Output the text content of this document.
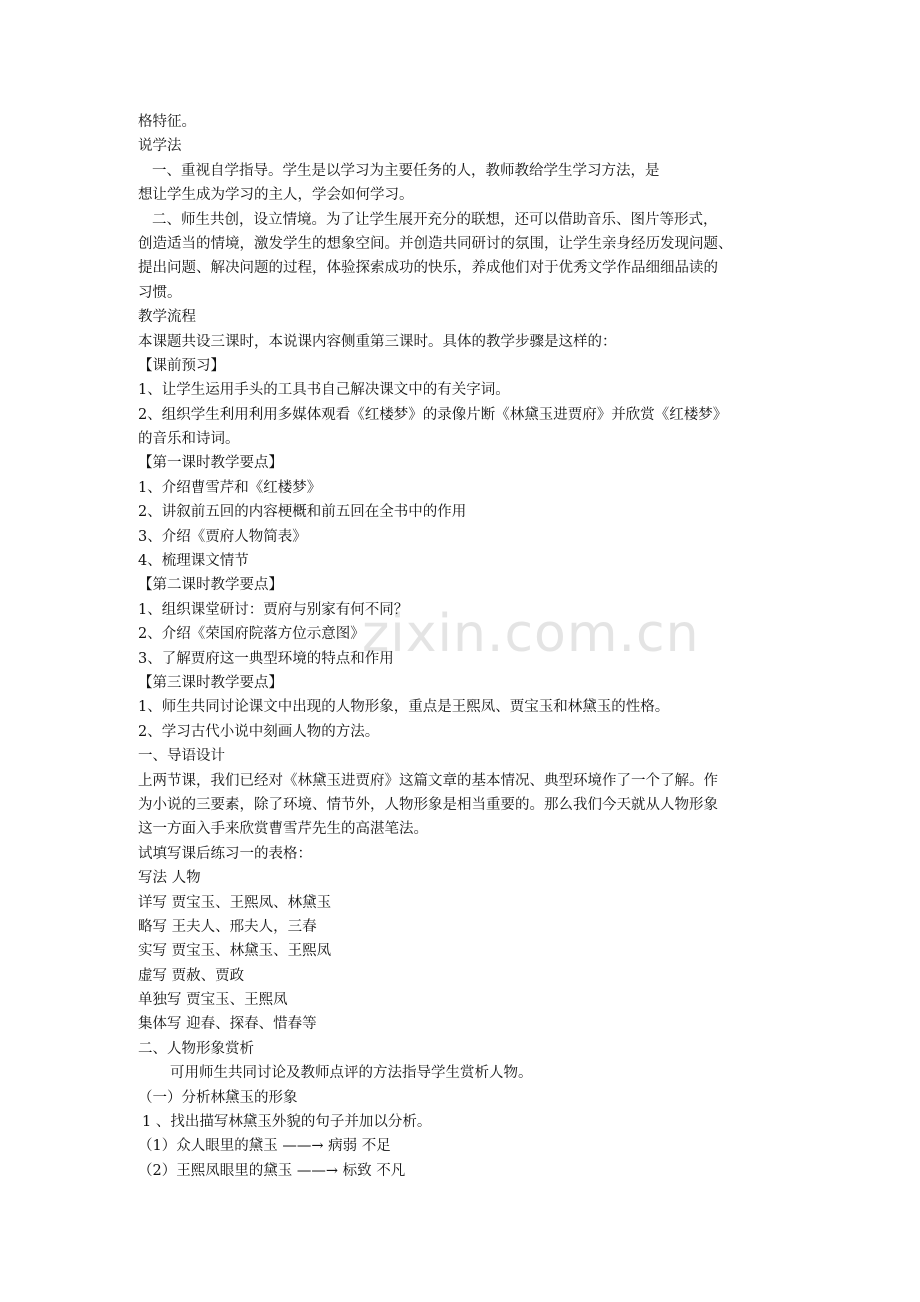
zixin.com.cn
格特征。
说学法
一、重视自学指导。学生是以学习为主要任务的人，教师教给学生学习方法，是
想让学生成为学习的主人，学会如何学习。
二、师生共创，设立情境。为了让学生展开充分的联想，还可以借助音乐、图片等形式，
创造适当的情境，激发学生的想象空间。并创造共同研讨的氛围，让学生亲身经历发现问题、
提出问题、解决问题的过程，体验探索成功的快乐，养成他们对于优秀文学作品细细品读的
习惯。
教学流程
本课题共设三课时，本说课内容侧重第三课时。具体的教学步骤是这样的：
【课前预习】
1、让学生运用手头的工具书自己解决课文中的有关字词。
2、组织学生利用利用多媒体观看《红楼梦》的录像片断《林黛玉进贾府》并欣赏《红楼梦》
的音乐和诗词。
【第一课时教学要点】
1、介绍曹雪芹和《红楼梦》
2、讲叙前五回的内容梗概和前五回在全书中的作用
3、介绍《贾府人物简表》
4、梳理课文情节
【第二课时教学要点】
1、组织课堂研讨：贾府与别家有何不同？
2、介绍《荣国府院落方位示意图》
3、了解贾府这一典型环境的特点和作用
【第三课时教学要点】
1、师生共同讨论课文中出现的人物形象，重点是王熙凤、贾宝玉和林黛玉的性格。
2、学习古代小说中刻画人物的方法。
一、导语设计
上两节课，我们已经对《林黛玉进贾府》这篇文章的基本情况、典型环境作了一个了解。作
为小说的三要素，除了环境、情节外，人物形象是相当重要的。那么我们今天就从人物形象
这一方面入手来欣赏曹雪芹先生的高湛笔法。
试填写课后练习一的表格：
写法 人物
详写 贾宝玉、王熙凤、林黛玉
略写 王夫人、邢夫人，三春
实写 贾宝玉、林黛玉、王熙凤
虚写 贾赦、贾政
单独写 贾宝玉、王熙凤
集体写 迎春、探春、惜春等
二、人物形象赏析
可用师生共同讨论及教师点评的方法指导学生赏析人物。
（一）分析林黛玉的形象
1 、找出描写林黛玉外貌的句子并加以分析。
（1）众人眼里的黛玉 ——→ 病弱 不足
（2）王熙凤眼里的黛玉 ——→ 标致 不凡
